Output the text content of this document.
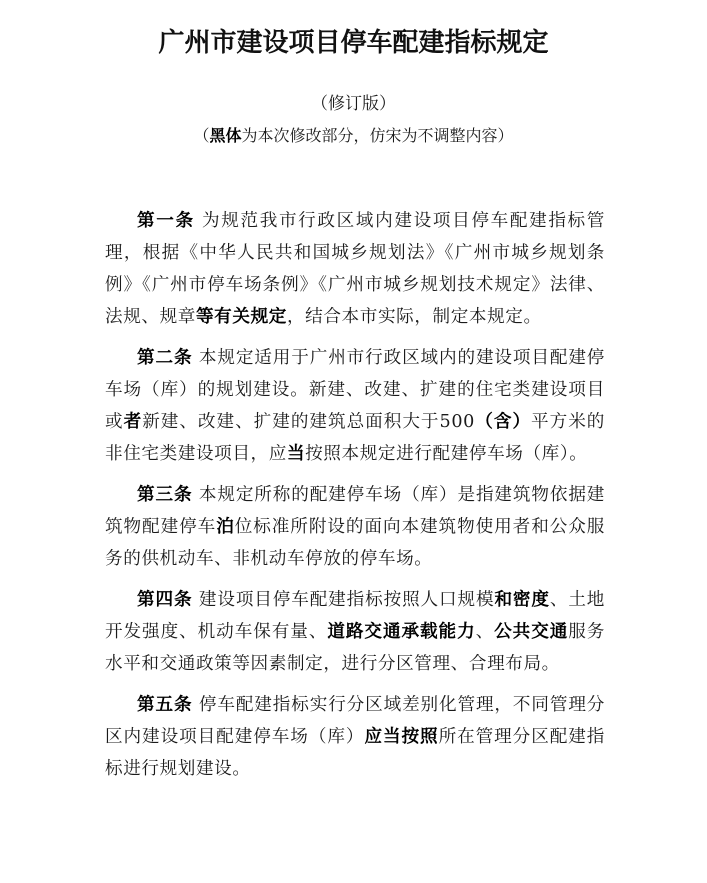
广州市建设项目停车配建指标规定
（修订版）
（黑体为本次修改部分，仿宋为不调整内容）

第一条 为规范我市行政区域内建设项目停车配建指标管理，根据《中华人民共和国城乡规划法》《广州市城乡规划条例》《广州市停车场条例》《广州市城乡规划技术规定》法律、法规、规章等有关规定，结合本市实际，制定本规定。

第二条 本规定适用于广州市行政区域内的建设项目配建停车场（库）的规划建设。新建、改建、扩建的住宅类建设项目或者新建、改建、扩建的建筑总面积大于500（含）平方米的非住宅类建设项目，应当按照本规定进行配建停车场（库）。

第三条 本规定所称的配建停车场（库）是指建筑物依据建筑物配建停车泊位标准所附设的面向本建筑物使用者和公众服务的供机动车、非机动车停放的停车场。

第四条 建设项目停车配建指标按照人口规模和密度、土地开发强度、机动车保有量、道路交通承载能力、公共交通服务水平和交通政策等因素制定，进行分区管理、合理布局。

第五条 停车配建指标实行分区域差别化管理，不同管理分区内建设项目配建停车场（库）应当按照所在管理分区配建指标进行规划建设。
